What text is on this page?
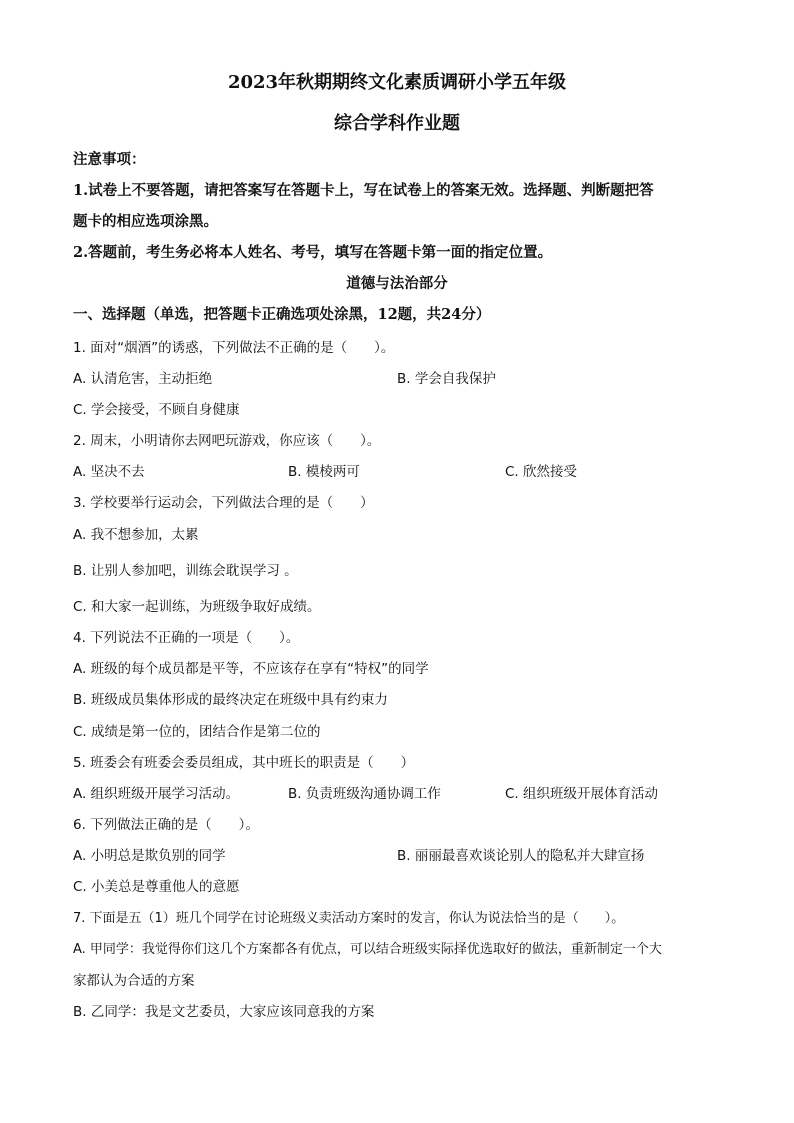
2023年秋期期终文化素质调研小学五年级
综合学科作业题
注意事项：
1.试卷上不要答题，请把答案写在答题卡上，写在试卷上的答案无效。选择题、判断题把答
题卡的相应选项涂黑。
2.答题前，考生务必将本人姓名、考号，填写在答题卡第一面的指定位置。
道德与法治部分
一、选择题（单选，把答题卡正确选项处涂黑，12题，共24分）
1. 面对“烟酒”的诱惑，下列做法不正确的是（　　）。
A. 认清危害，主动拒绝	B. 学会自我保护
C. 学会接受，不顾自身健康
2. 周末，小明请你去网吧玩游戏，你应该（　　）。
A. 坚决不去	B. 模棱两可	C. 欣然接受
3. 学校要举行运动会，下列做法合理的是（　　）
A. 我不想参加，太累
B. 让别人参加吧，训练会耽误学习 。
C. 和大家一起训练，为班级争取好成绩。
4. 下列说法不正确的一项是（　　）。
A. 班级的每个成员都是平等，不应该存在享有“特权”的同学
B. 班级成员集体形成的最终决定在班级中具有约束力
C. 成绩是第一位的，团结合作是第二位的
5. 班委会有班委会委员组成，其中班长的职责是（　　）
A. 组织班级开展学习活动。	B. 负责班级沟通协调工作	C. 组织班级开展体育活动
6. 下列做法正确的是（　　）。
A. 小明总是欺负别的同学	B. 丽丽最喜欢谈论别人的隐私并大肆宣扬
C. 小美总是尊重他人的意愿
7. 下面是五（1）班几个同学在讨论班级义卖活动方案时的发言，你认为说法恰当的是（　　）。
A. 甲同学：我觉得你们这几个方案都各有优点，可以结合班级实际择优选取好的做法，重新制定一个大
家都认为合适的方案
B. 乙同学：我是文艺委员，大家应该同意我的方案
